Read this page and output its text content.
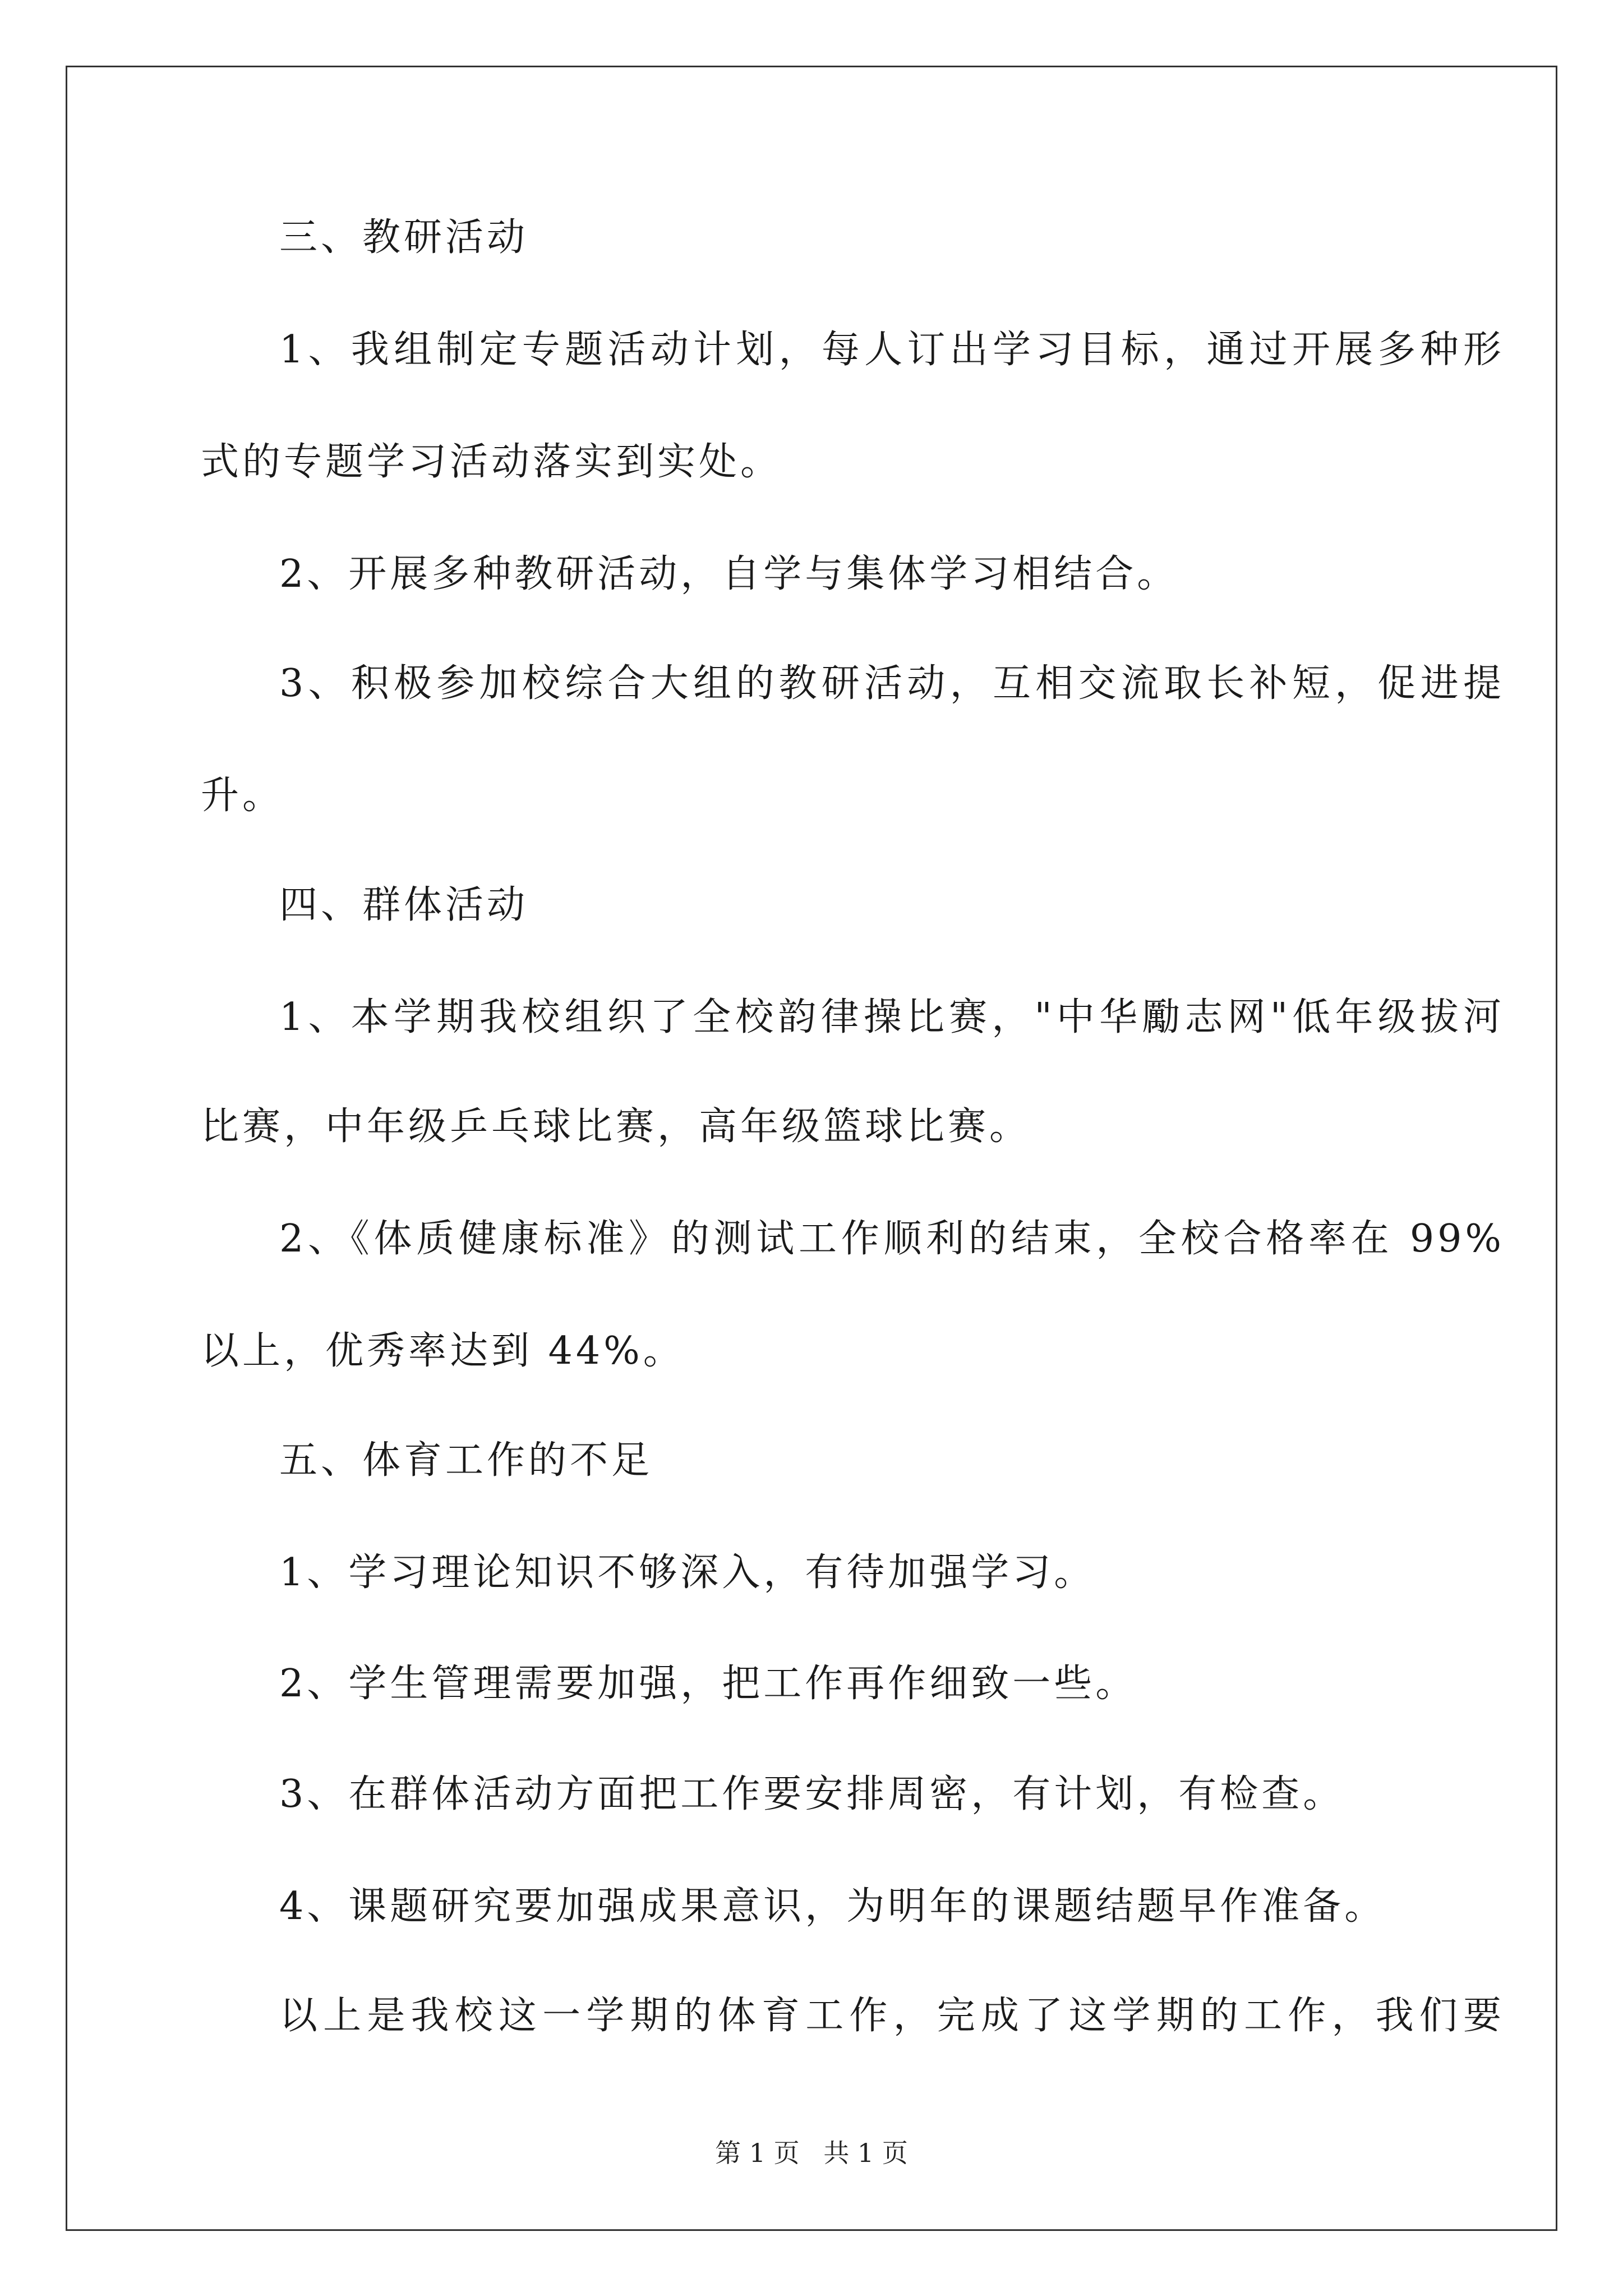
三、教研活动
1、我组制定专题活动计划，每人订出学习目标，通过开展多种形
式的专题学习活动落实到实处。
2、开展多种教研活动，自学与集体学习相结合。
3、积极参加校综合大组的教研活动，互相交流取长补短，促进提
升。
四、群体活动
1、本学期我校组织了全校韵律操比赛，"中华勵志网"低年级拔河
比赛，中年级乒乓球比赛，高年级篮球比赛。
2、《体质健康标准》的测试工作顺利的结束，全校合格率在 99%
以上，优秀率达到 44%。
五、体育工作的不足
1、学习理论知识不够深入，有待加强学习。
2、学生管理需要加强，把工作再作细致一些。
3、在群体活动方面把工作要安排周密，有计划，有检查。
4、课题研究要加强成果意识，为明年的课题结题早作准备。
以上是我校这一学期的体育工作，完成了这学期的工作，我们要
第 1 页 共 1 页
